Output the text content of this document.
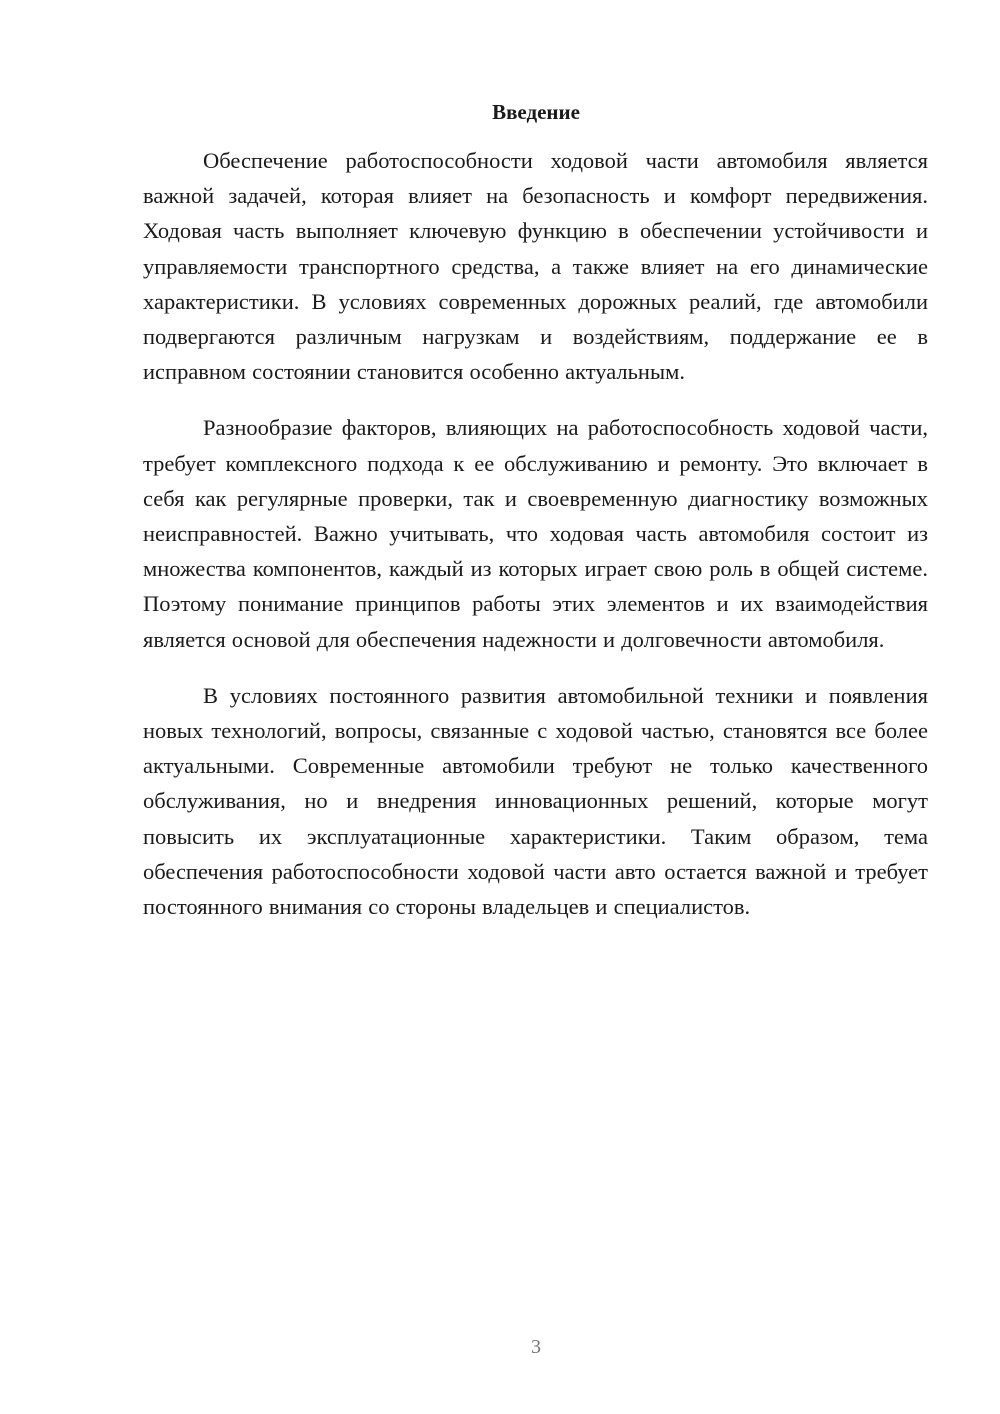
Введение

Обеспечение работоспособности ходовой части автомобиля является важной задачей, которая влияет на безопасность и комфорт передвижения. Ходовая часть выполняет ключевую функцию в обеспечении устойчивости и управляемости транспортного средства, а также влияет на его динамические характеристики. В условиях современных дорожных реалий, где автомобили подвергаются различным нагрузкам и воздействиям, поддержание ее в исправном состоянии становится особенно актуальным.

Разнообразие факторов, влияющих на работоспособность ходовой части, требует комплексного подхода к ее обслуживанию и ремонту. Это включает в себя как регулярные проверки, так и своевременную диагностику возможных неисправностей. Важно учитывать, что ходовая часть автомобиля состоит из множества компонентов, каждый из которых играет свою роль в общей системе. Поэтому понимание принципов работы этих элементов и их взаимодействия является основой для обеспечения надежности и долговечности автомобиля.

В условиях постоянного развития автомобильной техники и появления новых технологий, вопросы, связанные с ходовой частью, становятся все более актуальными. Современные автомобили требуют не только качественного обслуживания, но и внедрения инновационных решений, которые могут повысить их эксплуатационные характеристики. Таким образом, тема обеспечения работоспособности ходовой части авто остается важной и требует постоянного внимания со стороны владельцев и специалистов.

3
